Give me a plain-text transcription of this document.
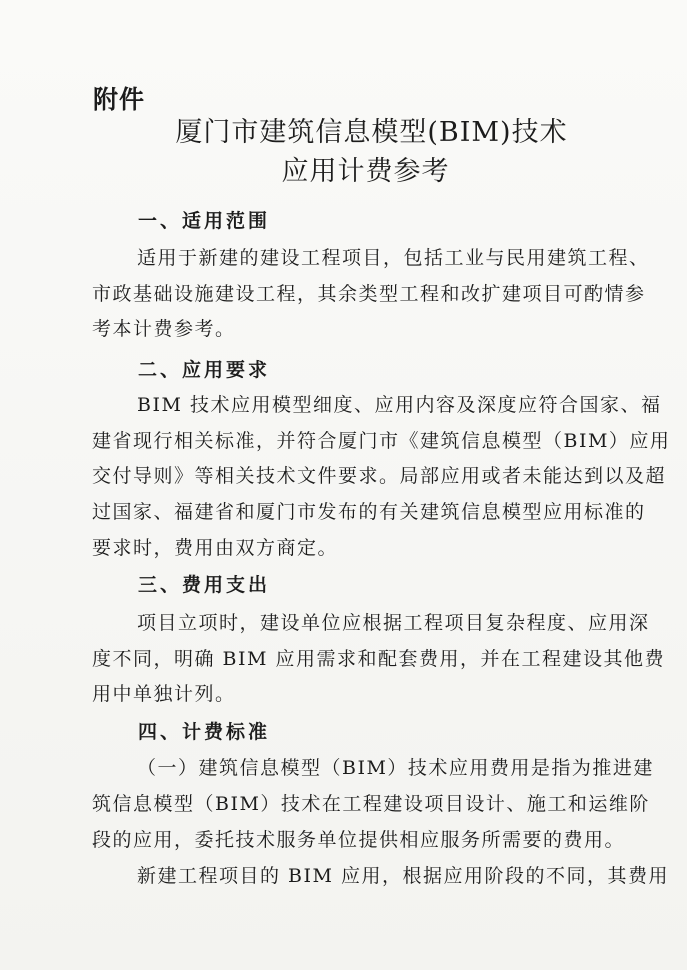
附件
厦门市建筑信息模型(BIM)技术
应用计费参考
一、适用范围
适用于新建的建设工程项目，包括工业与民用建筑工程、
市政基础设施建设工程，其余类型工程和改扩建项目可酌情参
考本计费参考。
二、应用要求
BIM 技术应用模型细度、应用内容及深度应符合国家、福
建省现行相关标准，并符合厦门市《建筑信息模型（BIM）应用
交付导则》等相关技术文件要求。局部应用或者未能达到以及超
过国家、福建省和厦门市发布的有关建筑信息模型应用标准的
要求时，费用由双方商定。
三、费用支出
项目立项时，建设单位应根据工程项目复杂程度、应用深
度不同，明确 BIM 应用需求和配套费用，并在工程建设其他费
用中单独计列。
四、计费标准
（一）建筑信息模型（BIM）技术应用费用是指为推进建
筑信息模型（BIM）技术在工程建设项目设计、施工和运维阶
段的应用，委托技术服务单位提供相应服务所需要的费用。
新建工程项目的 BIM 应用，根据应用阶段的不同，其费用
